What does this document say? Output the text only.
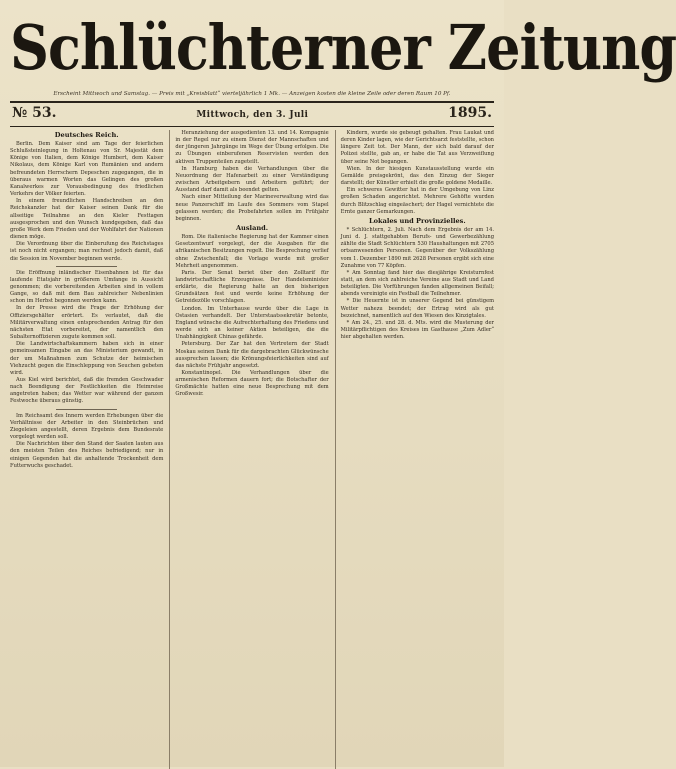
Schlüchterner Zeitung
Erscheint Mittwoch und Samstag. — Preis mit „Kreisblatt“ vierteljährlich 1 Mk. — Anzeigen kosten die kleine Zeile oder deren Raum 10 Pf.
№ 53.	Mittwoch, den 3. Juli	1895.
Deutsches Reich.

Berlin. Dem Kaiser sind am Tage der feierlichen Schlußsteinlegung in Holtenau von Sr. Majestät dem Könige von Italien, dem Könige Humbert, dem Kaiser Nikolaus, dem Könige Karl von Rumänien und andern befreundeten Herrschern Depeschen zugegangen, die in überaus warmen Worten das Gelingen des großen Kanalwerkes zur Vorausbedingung des friedlichen Verkehrs der Völker feierten.

In einem freundlichen Handschreiben an den Reichskanzler hat der Kaiser seinen Dank für die allseitige Teilnahme an den Kieler Festtagen ausgesprochen und den Wunsch kundgegeben, daß das große Werk dem Frieden und der Wohlfahrt der Nationen dienen möge.

Die Verordnung über die Einberufung des Reichstages ist noch nicht ergangen; man rechnet jedoch damit, daß die Session im November beginnen werde.

Die Eröffnung inländischer Eisenbahnen ist für das laufende Etatsjahr in größerem Umfange in Aussicht genommen; die vorbereitenden Arbeiten sind in vollem Gange, so daß mit dem Bau zahlreicher Nebenlinien schon im Herbst begonnen werden kann.

In der Presse wird die Frage der Erhöhung der Offiziersgehälter erörtert. Es verlautet, daß die Militärverwaltung einen entsprechenden Antrag für den nächsten Etat vorbereitet, der namentlich den Subalternoffizieren zugute kommen soll.

Die Landwirtschaftskammern haben sich in einer gemeinsamen Eingabe an das Ministerium gewandt, in der um Maßnahmen zum Schutze der heimischen Viehzucht gegen die Einschleppung von Seuchen gebeten wird.

Aus Kiel wird berichtet, daß die fremden Geschwader nach Beendigung der Festlichkeiten die Heimreise angetreten haben; das Wetter war während der ganzen Festwoche überaus günstig.

Im Reichsamt des Innern werden Erhebungen über die Verhältnisse der Arbeiter in den Steinbrüchen und Ziegeleien angestellt, deren Ergebnis dem Bundesrate vorgelegt werden soll.

Die Nachrichten über den Stand der Saaten lauten aus den meisten Teilen des Reiches befriedigend; nur in einigen Gegenden hat die anhaltende Trockenheit dem Futterwuchs geschadet.

Heranziehung der ausgedienten 13. und 14. Kompagnie in der Regel nur zu einem Dienst der Mannschaften und der jüngeren Jahrgänge im Wege der Übung erfolgen. Die zu Übungen einberufenen Reservisten werden den aktiven Truppenteilen zugeteilt.

In Hamburg haben die Verhandlungen über die Neuordnung der Hafenarbeit zu einer Verständigung zwischen Arbeitgebern und Arbeitern geführt; der Ausstand darf damit als beendet gelten.

Nach einer Mitteilung der Marineverwaltung wird das neue Panzerschiff im Laufe des Sommers vom Stapel gelassen werden; die Probefahrten sollen im Frühjahr beginnen.

Ausland.

Rom. Die italienische Regierung hat der Kammer einen Gesetzentwurf vorgelegt, der die Ausgaben für die afrikanischen Besitzungen regelt. Die Besprechung verlief ohne Zwischenfall; die Vorlage wurde mit großer Mehrheit angenommen.

Paris. Der Senat beriet über den Zolltarif für landwirtschaftliche Erzeugnisse. Der Handelsminister erklärte, die Regierung halte an den bisherigen Grundsätzen fest und werde keine Erhöhung der Getreidezölle vorschlagen.

London. Im Unterhause wurde über die Lage in Ostasien verhandelt. Der Unterstaatssekretär betonte, England wünsche die Aufrechterhaltung des Friedens und werde sich an keiner Aktion beteiligen, die die Unabhängigkeit Chinas gefährde.

Petersburg. Der Zar hat den Vertretern der Stadt Moskau seinen Dank für die dargebrachten Glückwünsche aussprechen lassen; die Krönungsfeierlichkeiten sind auf das nächste Frühjahr angesetzt.

Konstantinopel. Die Verhandlungen über die armenischen Reformen dauern fort; die Botschafter der Großmächte hatten eine neue Besprechung mit dem Großwesir.

Kindern, wurde sie gebeugt gehalten. Frau Laukat und deren Kinder lagen, wie der Gerichtsarzt feststellte, schon längere Zeit tot. Der Mann, der sich bald darauf der Polizei stellte, gab an, er habe die Tat aus Verzweiflung über seine Not begangen.

Wien. In der hiesigen Kunstausstellung wurde ein Gemälde preisgekrönt, das den Einzug der Sieger darstellt; der Künstler erhielt die große goldene Medaille.

Ein schweres Gewitter hat in der Umgebung von Linz großen Schaden angerichtet. Mehrere Gehöfte wurden durch Blitzschlag eingeäschert; der Hagel vernichtete die Ernte ganzer Gemarkungen.

Lokales und Provinzielles.

* Schlüchtern, 2. Juli. Nach dem Ergebnis der am 14. Juni d. J. stattgehabten Berufs- und Gewerbezählung zählte die Stadt Schlüchtern 530 Haushaltungen mit 2705 ortsanwesenden Personen. Gegenüber der Volkszählung vom 1. Dezember 1890 mit 2628 Personen ergibt sich eine Zunahme von 77 Köpfen.

* Am Sonntag fand hier das diesjährige Kreisturnfest statt, an dem sich zahlreiche Vereine aus Stadt und Land beteiligten. Die Vorführungen fanden allgemeinen Beifall; abends vereinigte ein Festball die Teilnehmer.

* Die Heuernte ist in unserer Gegend bei günstigem Wetter nahezu beendet; der Ertrag wird als gut bezeichnet, namentlich auf den Wiesen des Kinzigtales.

* Am 24., 25. und 28. d. Mts. wird die Musterung der Militärpflichtigen des Kreises im Gasthause „Zum Adler“ hier abgehalten werden.
